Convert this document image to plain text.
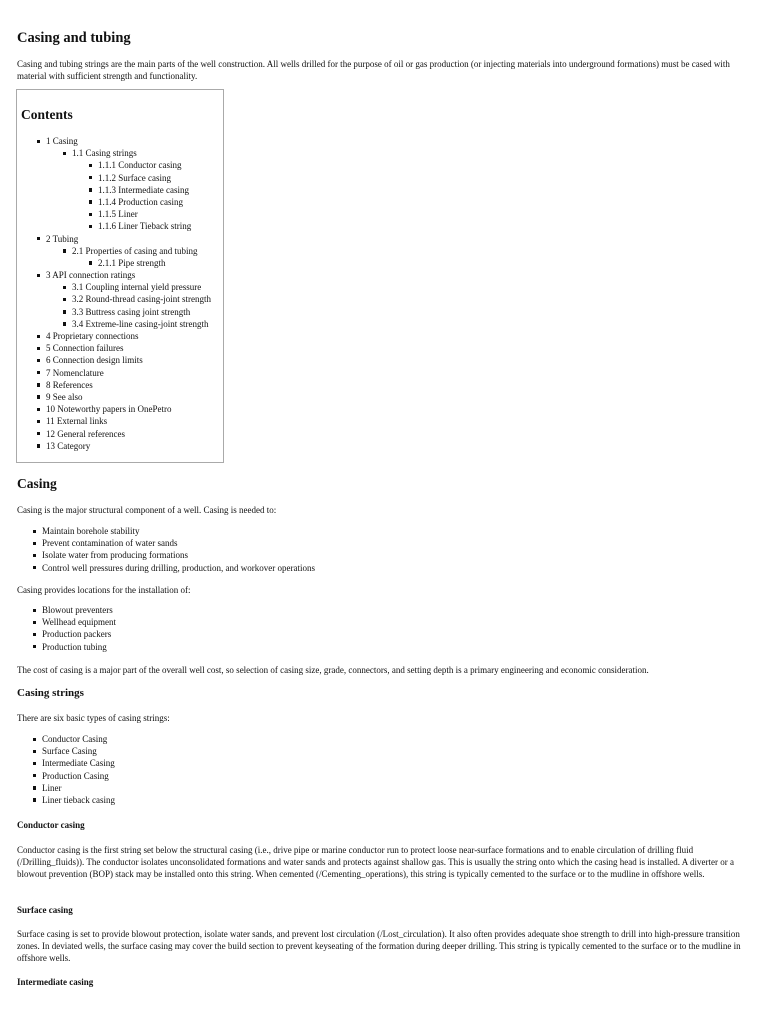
Casing and tubing

Casing and tubing strings are the main parts of the well construction. All wells drilled for the purpose of oil or gas production (or injecting materials into underground formations) must be cased with material with sufficient strength and functionality.

Contents
1 Casing
1.1 Casing strings
1.1.1 Conductor casing
1.1.2 Surface casing
1.1.3 Intermediate casing
1.1.4 Production casing
1.1.5 Liner
1.1.6 Liner Tieback string
2 Tubing
2.1 Properties of casing and tubing
2.1.1 Pipe strength
3 API connection ratings
3.1 Coupling internal yield pressure
3.2 Round-thread casing-joint strength
3.3 Buttress casing joint strength
3.4 Extreme-line casing-joint strength
4 Proprietary connections
5 Connection failures
6 Connection design limits
7 Nomenclature
8 References
9 See also
10 Noteworthy papers in OnePetro
11 External links
12 General references
13 Category
Casing

Casing is the major structural component of a well. Casing is needed to:

Maintain borehole stability
Prevent contamination of water sands
Isolate water from producing formations
Control well pressures during drilling, production, and workover operations

Casing provides locations for the installation of:

Blowout preventers
Wellhead equipment
Production packers
Production tubing

The cost of casing is a major part of the overall well cost, so selection of casing size, grade, connectors, and setting depth is a primary engineering and economic consideration.

Casing strings

There are six basic types of casing strings:

Conductor Casing
Surface Casing
Intermediate Casing
Production Casing
Liner
Liner tieback casing
Conductor casing

Conductor casing is the first string set below the structural casing (i.e., drive pipe or marine conductor run to protect loose near-surface formations and to enable circulation of drilling fluid (/Drilling_fluids)). The conductor isolates unconsolidated formations and water sands and protects against shallow gas. This is usually the string onto which the casing head is installed. A diverter or a blowout prevention (BOP) stack may be installed onto this string. When cemented (/Cementing_operations), this string is typically cemented to the surface or to the mudline in offshore wells.

Surface casing

Surface casing is set to provide blowout protection, isolate water sands, and prevent lost circulation (/Lost_circulation). It also often provides adequate shoe strength to drill into high-pressure transition zones. In deviated wells, the surface casing may cover the build section to prevent keyseating of the formation during deeper drilling. This string is typically cemented to the surface or to the mudline in offshore wells.

Intermediate casing
